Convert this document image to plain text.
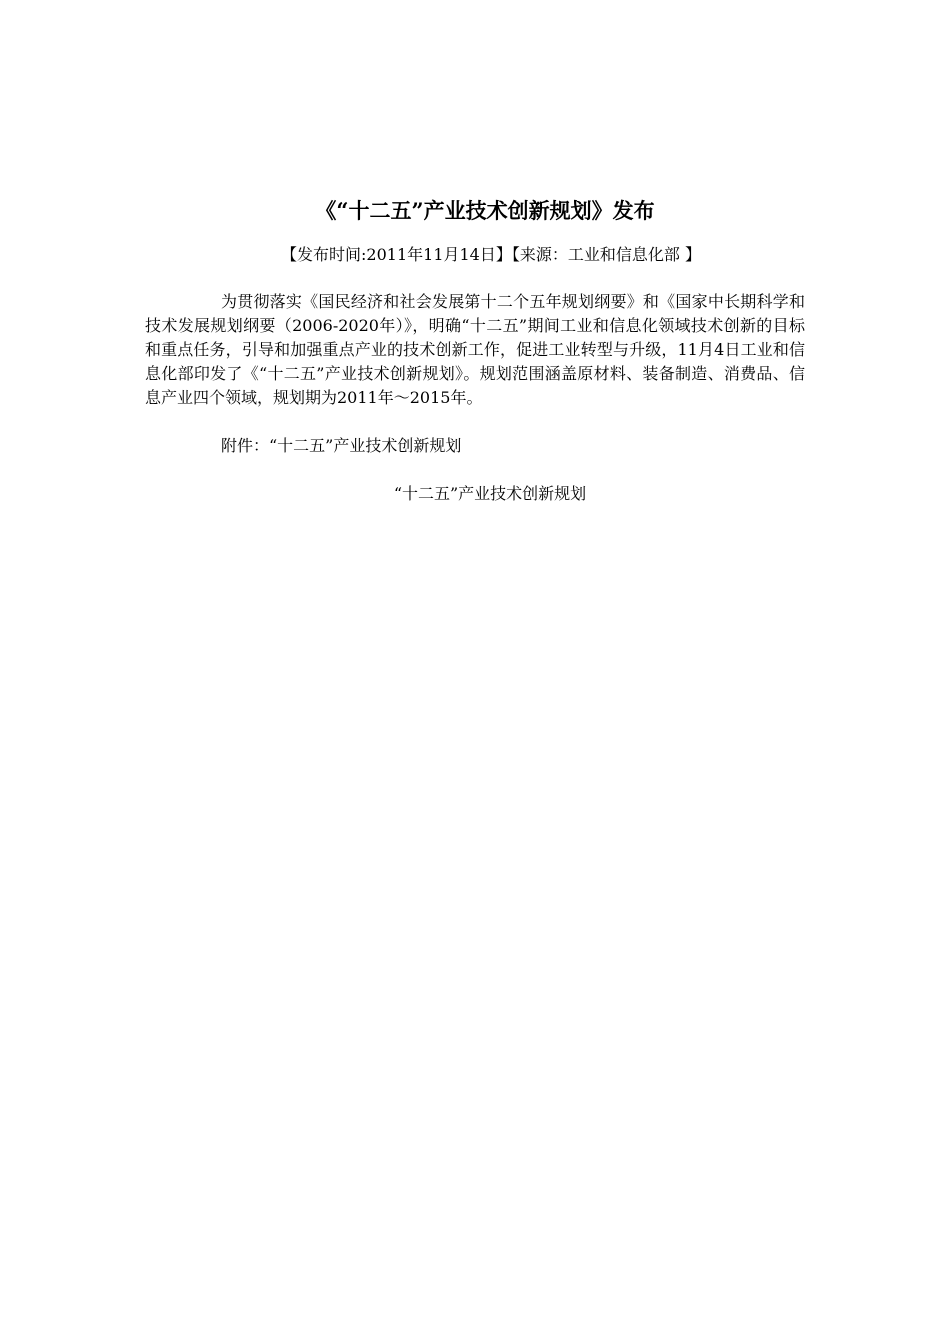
《“十二五”产业技术创新规划》发布
【发布时间:2011年11月14日】【来源：工业和信息化部 】

为贯彻落实《国民经济和社会发展第十二个五年规划纲要》和《国家中长期科学和技术发展规划纲要（2006-2020年）》，明确“十二五”期间工业和信息化领域技术创新的目标和重点任务，引导和加强重点产业的技术创新工作，促进工业转型与升级，11月4日工业和信息化部印发了《“十二五”产业技术创新规划》。规划范围涵盖原材料、装备制造、消费品、信息产业四个领域，规划期为2011年～2015年。

附件：“十二五”产业技术创新规划
“十二五”产业技术创新规划
